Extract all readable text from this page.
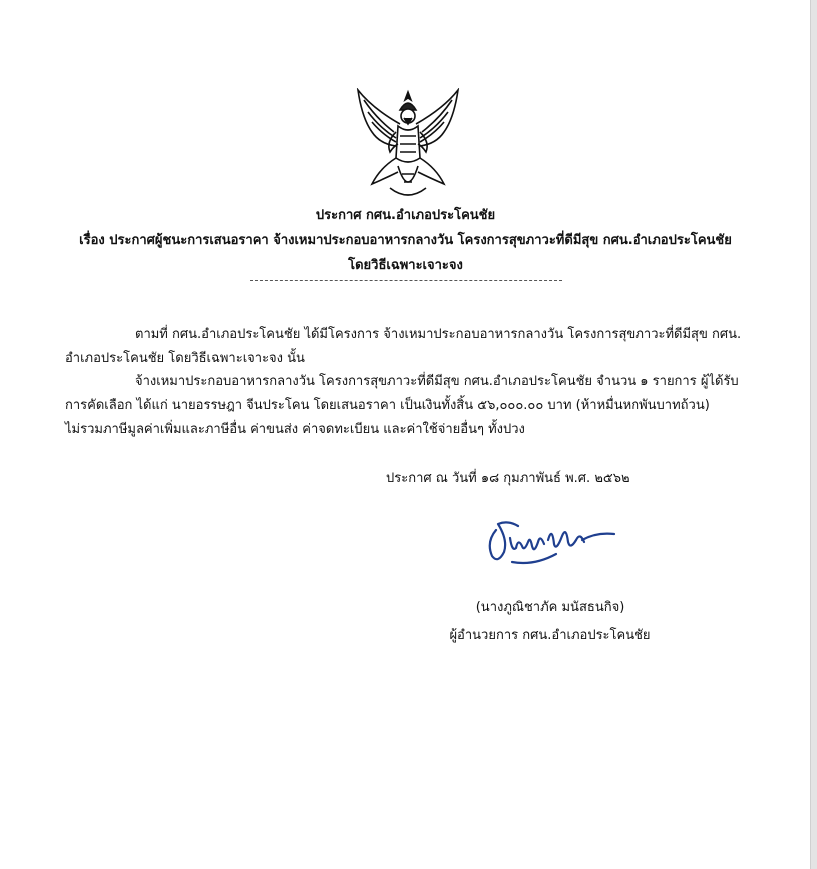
ประกาศ กศน.อำเภอประโคนชัย
เรื่อง ประกาศผู้ชนะการเสนอราคา จ้างเหมาประกอบอาหารกลางวัน โครงการสุขภาวะที่ดีมีสุข กศน.อำเภอประโคนชัย
โดยวิธีเฉพาะเจาะจง
ตามที่ กศน.อำเภอประโคนชัย ได้มีโครงการ จ้างเหมาประกอบอาหารกลางวัน โครงการสุขภาวะที่ดีมีสุข กศน.
อำเภอประโคนชัย โดยวิธีเฉพาะเจาะจง นั้น
จ้างเหมาประกอบอาหารกลางวัน โครงการสุขภาวะที่ดีมีสุข กศน.อำเภอประโคนชัย จำนวน ๑ รายการ ผู้ได้รับ
การคัดเลือก ได้แก่ นายอรรษฎา จีนประโคน โดยเสนอราคา เป็นเงินทั้งสิ้น ๕๖,๐๐๐.๐๐ บาท (ห้าหมื่นหกพันบาทถ้วน)
ไม่รวมภาษีมูลค่าเพิ่มและภาษีอื่น ค่าขนส่ง ค่าจดทะเบียน และค่าใช้จ่ายอื่นๆ ทั้งปวง
ประกาศ ณ วันที่ ๑๘ กุมภาพันธ์ พ.ศ. ๒๕๖๒
(นางภูณิชาภัค มนัสธนกิจ)
ผู้อำนวยการ กศน.อำเภอประโคนชัย
